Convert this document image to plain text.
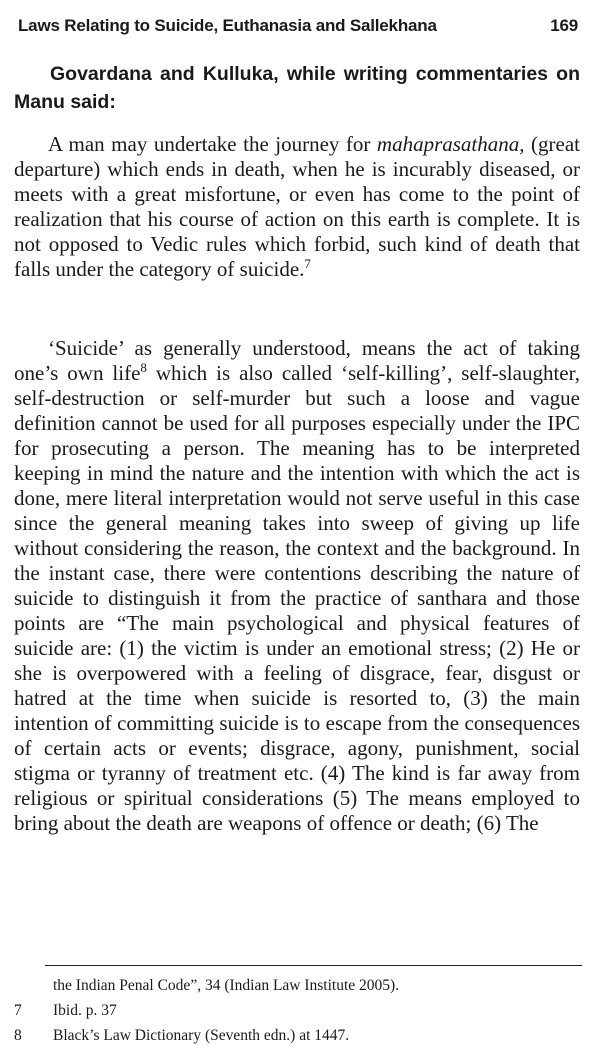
Laws Relating to Suicide, Euthanasia and Sallekhana	169
Govardana and Kulluka, while writing commentaries on Manu said:
A man may undertake the journey for mahaprasathana, (great departure) which ends in death, when he is incurably diseased, or meets with a great misfortune, or even has come to the point of realization that his course of action on this earth is complete. It is not opposed to Vedic rules which forbid, such kind of death that falls under the category of suicide.$^7$
‘Suicide’ as generally understood, means the act of taking one’s own life$^8$ which is also called ‘self-killing’, self-slaughter, self-destruction or self-murder but such a loose and vague definition cannot be used for all purposes especially under the IPC for prosecuting a person. The meaning has to be interpreted keeping in mind the nature and the intention with which the act is done, mere literal interpretation would not serve useful in this case since the general meaning takes into sweep of giving up life without considering the reason, the context and the background. In the instant case, there were contentions describing the nature of suicide to distinguish it from the practice of santhara and those points are “The main psychological and physical features of suicide are: (1) the victim is under an emotional stress; (2) He or she is overpowered with a feeling of disgrace, fear, disgust or hatred at the time when suicide is resorted to, (3) the main intention of committing suicide is to escape from the consequences of certain acts or events; disgrace, agony, punishment, social stigma or tyranny of treatment etc. (4) The kind is far away from religious or spiritual considerations (5) The means employed to bring about the death are weapons of offence or death; (6) The
the Indian Penal Code”, 34 (Indian Law Institute 2005).
7	Ibid. p. 37
8	Black’s Law Dictionary (Seventh edn.) at 1447.
